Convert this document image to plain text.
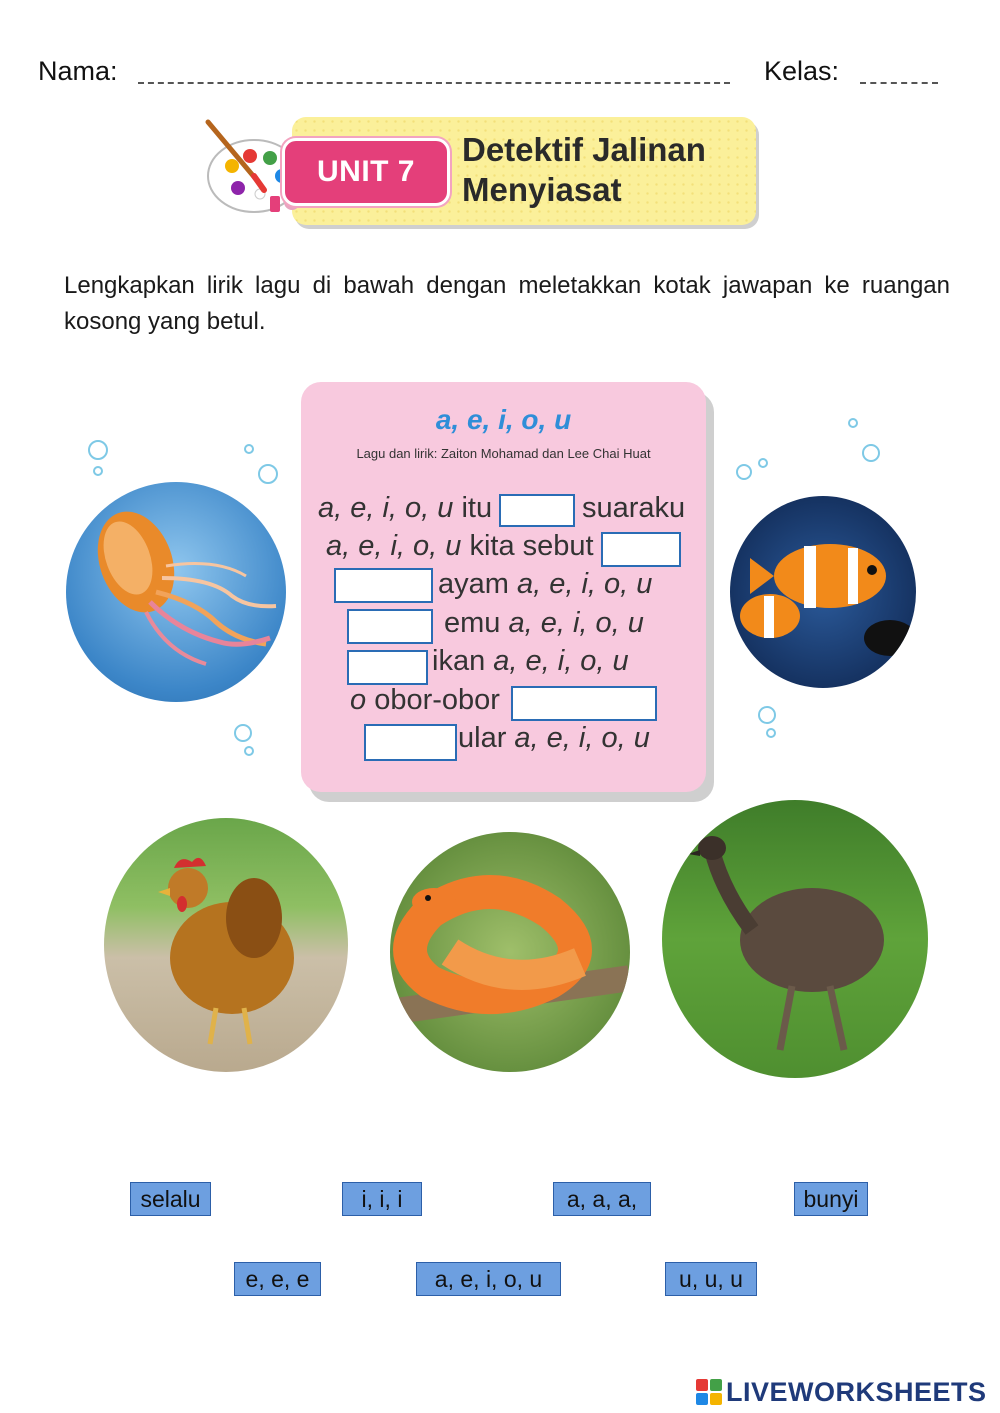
Nama:	Kelas:
UNIT 7
Detektif Jalinan
Menyiasat
Lengkapkan lirik lagu di bawah dengan meletakkan kotak jawapan ke ruangan kosong yang betul.
a, e, i, o, u
Lagu dan lirik: Zaiton Mohamad dan Lee Chai Huat
a, e, i, o, u itu	suaraku
a, e, i, o, u kita sebut
ayam a, e, i, o, u
emu a, e, i, o, u
ikan a, e, i, o, u
o obor-obor
ular a, e, i, o, u
selalu	i, i, i	a, a, a,	bunyi
e, e, e	a, e, i, o, u	u, u, u
LIVEWORKSHEETS
